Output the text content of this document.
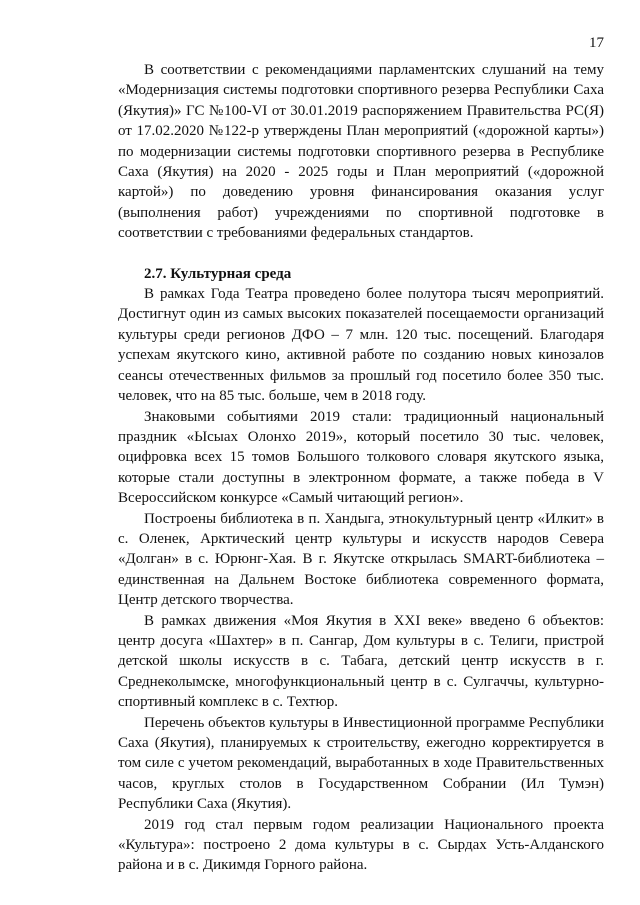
17

В соответствии с рекомендациями парламентских слушаний на тему «Модернизация системы подготовки спортивного резерва Республики Саха (Якутия)» ГС №100-VI от 30.01.2019 распоряжением Правительства РС(Я) от 17.02.2020 №122-р утверждены План мероприятий («дорожной карты») по модернизации системы подготовки спортивного резерва в Республике Саха (Якутия) на 2020 - 2025 годы и План мероприятий («дорожной картой») по доведению уровня финансирования оказания услуг (выполнения работ) учреждениями по спортивной подготовке в соответствии с требованиями федеральных стандартов.

2.7. Культурная среда

В рамках Года Театра проведено более полутора тысяч мероприятий. Достигнут один из самых высоких показателей посещаемости организаций культуры среди регионов ДФО – 7 млн. 120 тыс. посещений. Благодаря успехам якутского кино, активной работе по созданию новых кинозалов сеансы отечественных фильмов за прошлый год посетило более 350 тыс. человек, что на 85 тыс. больше, чем в 2018 году.

Знаковыми событиями 2019 стали: традиционный национальный праздник «Ысыах Олонхо 2019», который посетило 30 тыс. человек, оцифровка всех 15 томов Большого толкового словаря якутского языка, которые стали доступны в электронном формате, а также победа в V Всероссийском конкурсе «Самый читающий регион».

Построены библиотека в п. Хандыга, этнокультурный центр «Илкит» в с. Оленек, Арктический центр культуры и искусств народов Севера «Долган» в с. Юрюнг-Хая. В г. Якутске открылась SMART-библиотека – единственная на Дальнем Востоке библиотека современного формата, Центр детского творчества.

В рамках движения «Моя Якутия в XXI веке» введено 6 объектов: центр досуга «Шахтер» в п. Сангар, Дом культуры в с. Телиги, пристрой детской школы искусств в с. Табага, детский центр искусств в г. Среднеколымске, многофункциональный центр в с. Сулгаччы, культурно-спортивный комплекс в с. Техтюр.

Перечень объектов культуры в Инвестиционной программе Республики Саха (Якутия), планируемых к строительству, ежегодно корректируется в том силе с учетом рекомендаций, выработанных в ходе Правительственных часов, круглых столов в Государственном Собрании (Ил Тумэн) Республики Саха (Якутия).

2019 год стал первым годом реализации Национального проекта «Культура»: построено 2 дома культуры в с. Сырдах Усть-Алданского района и в с. Дикимдя Горного района.
